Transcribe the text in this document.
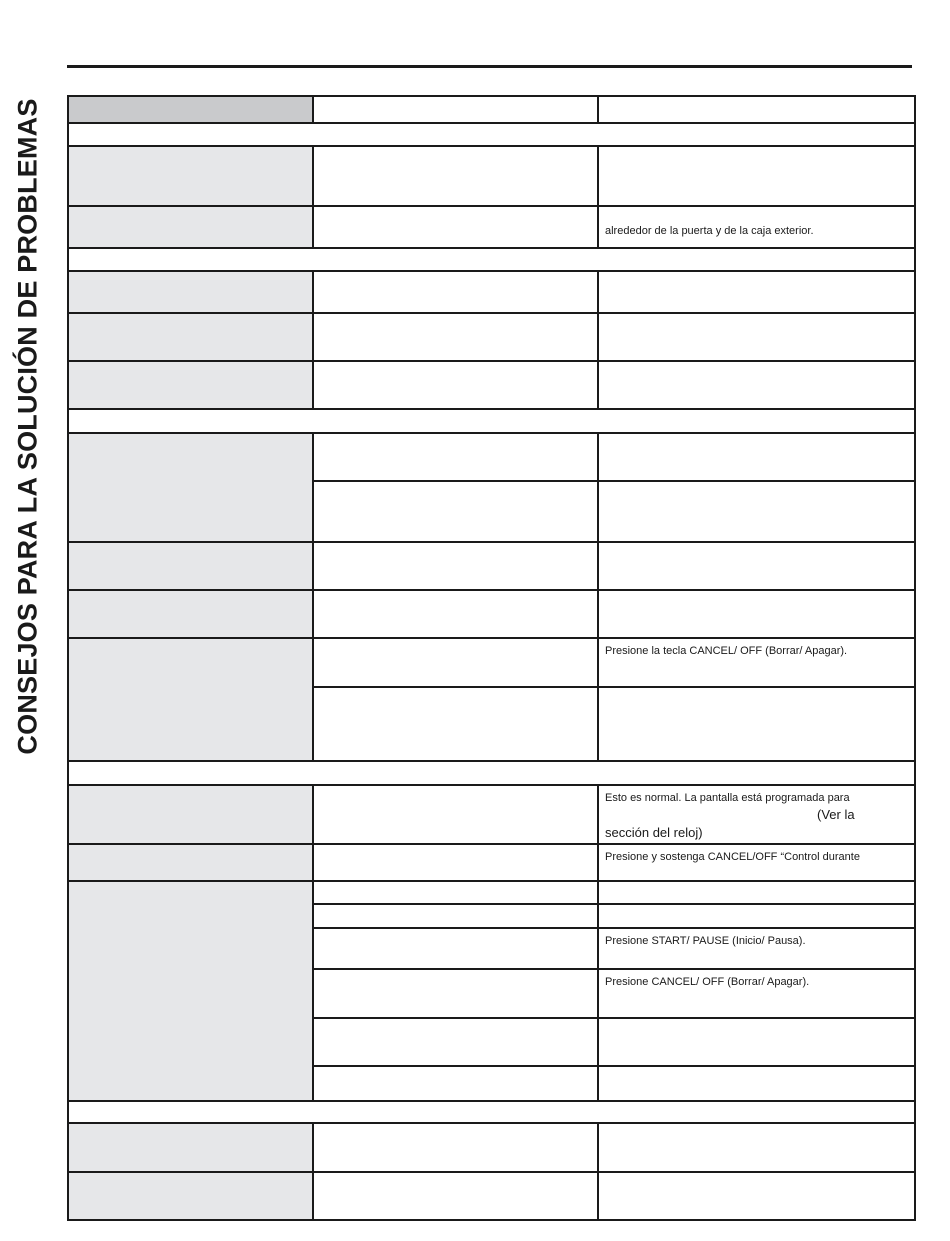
CONSEJOS PARA LA SOLUCIÓN DE PROBLEMAS

		alrededor de la puerta y de la caja exterior.

		Presione la tecla CANCEL/ OFF (Borrar/ Apagar).

		Esto es normal. La pantalla está programada para
(Ver la
sección del reloj)

		Presione y sostenga CANCEL/OFF “Control durante

		Presione START/ PAUSE (Inicio/ Pausa).

		Presione CANCEL/ OFF (Borrar/ Apagar).
